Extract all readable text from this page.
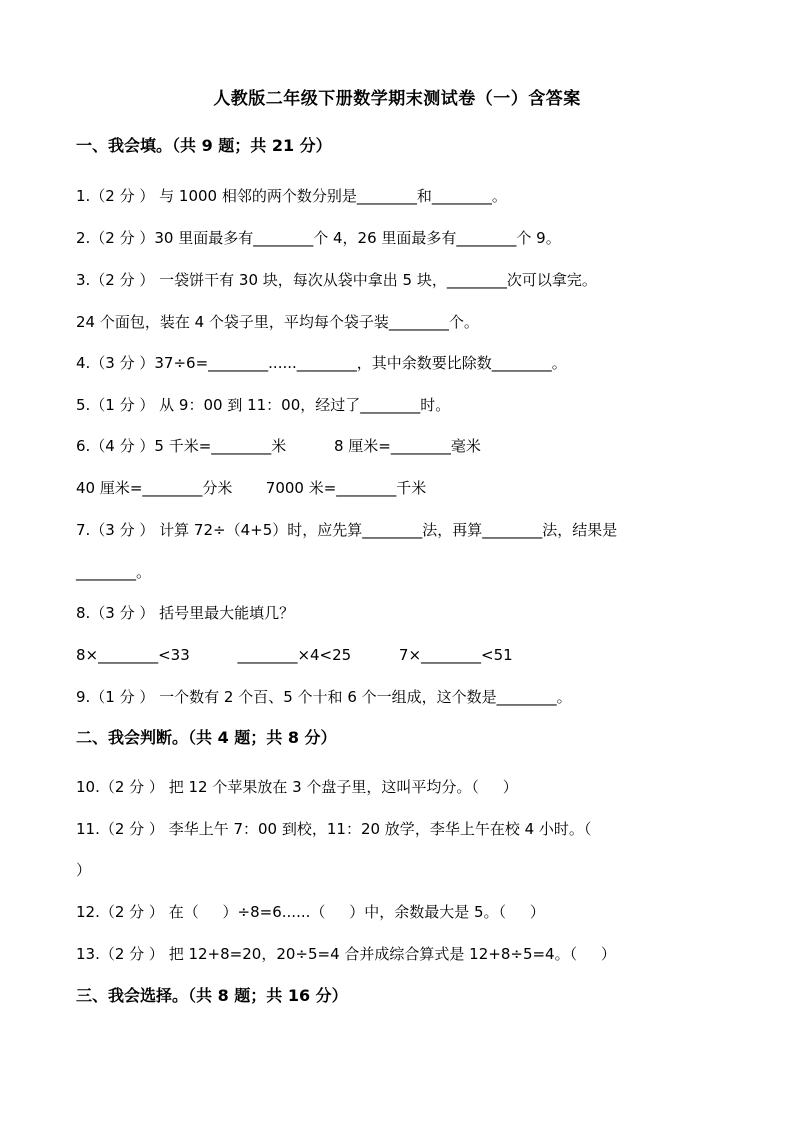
人教版二年级下册数学期末测试卷（一）含答案
一、我会填。（共 9 题；共 21 分）
1.（2 分 ） 与 1000 相邻的两个数分别是________和________。
2.（2 分 ）30 里面最多有________个 4，26 里面最多有________个 9。
3.（2 分 ） 一袋饼干有 30 块，每次从袋中拿出 5 块，________次可以拿完。
24 个面包，装在 4 个袋子里，平均每个袋子装________个。
4.（3 分 ）37÷6=________......________，其中余数要比除数________。
5.（1 分 ） 从 9：00 到 11：00，经过了________时。
6.（4 分 ）5 千米=________米          8 厘米=________毫米
40 厘米=________分米       7000 米=________千米
7.（3 分 ） 计算 72÷（4+5）时，应先算________法，再算________法，结果是
________。
8.（3 分 ） 括号里最大能填几？
8×________<33          ________×4<25          7×________<51
9.（1 分 ） 一个数有 2 个百、5 个十和 6 个一组成，这个数是________。
二、我会判断。（共 4 题；共 8 分）
10.（2 分 ） 把 12 个苹果放在 3 个盘子里，这叫平均分。（     ）
11.（2 分 ） 李华上午 7：00 到校，11：20 放学，李华上午在校 4 小时。（
）
12.（2 分 ） 在（     ）÷8=6......（     ）中，余数最大是 5。（     ）
13.（2 分 ） 把 12+8=20，20÷5=4 合并成综合算式是 12+8÷5=4。（     ）
三、我会选择。（共 8 题；共 16 分）
